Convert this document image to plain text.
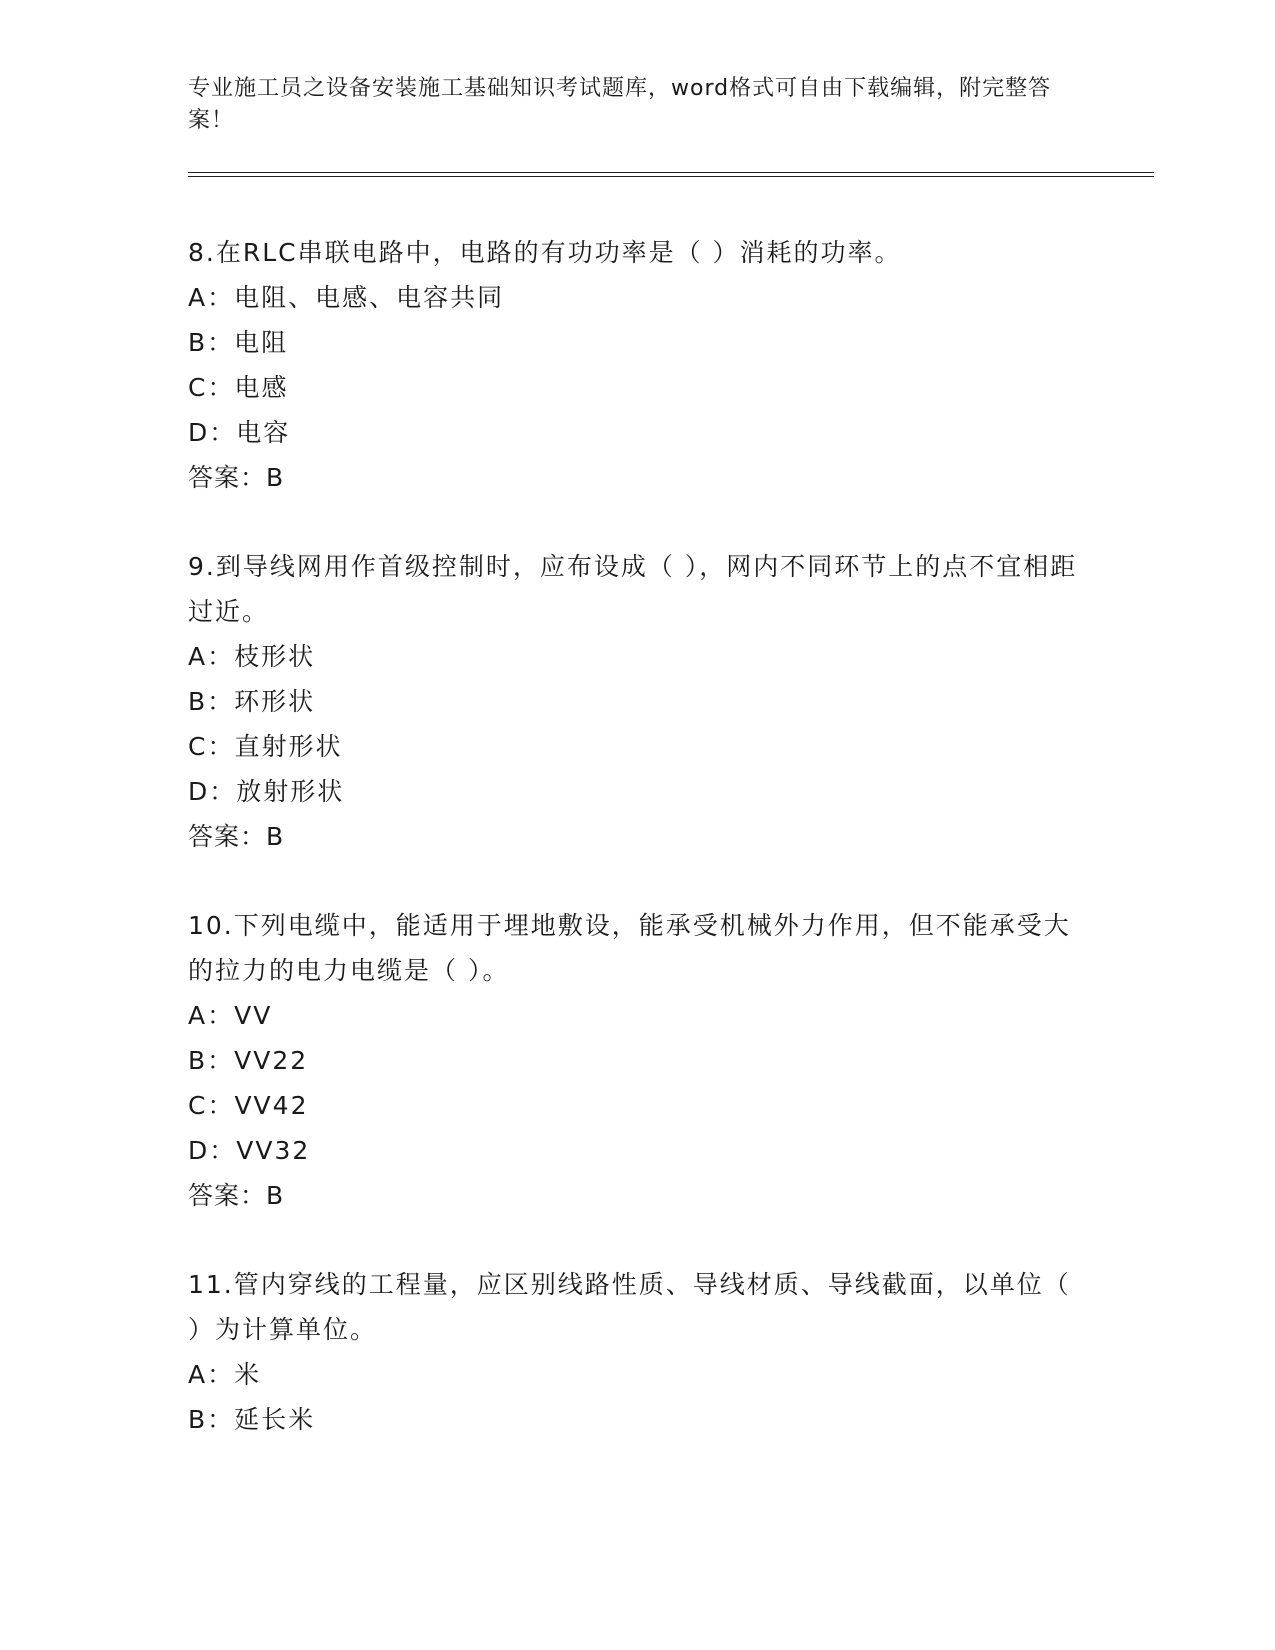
专业施工员之设备安装施工基础知识考试题库，word格式可自由下载编辑，附完整答案！
8.在RLC串联电路中，电路的有功功率是（ ）消耗的功率。
A：电阻、电感、电容共同
B：电阻
C：电感
D：电容
答案：B
9.到导线网用作首级控制时，应布设成（ ），网内不同环节上的点不宜相距过近。
A：枝形状
B：环形状
C：直射形状
D：放射形状
答案：B
10.下列电缆中，能适用于埋地敷设，能承受机械外力作用，但不能承受大的拉力的电力电缆是（ ）。
A：VV
B：VV22
C：VV42
D：VV32
答案：B
11.管内穿线的工程量，应区别线路性质、导线材质、导线截面，以单位（ ）为计算单位。
A：米
B：延长米
